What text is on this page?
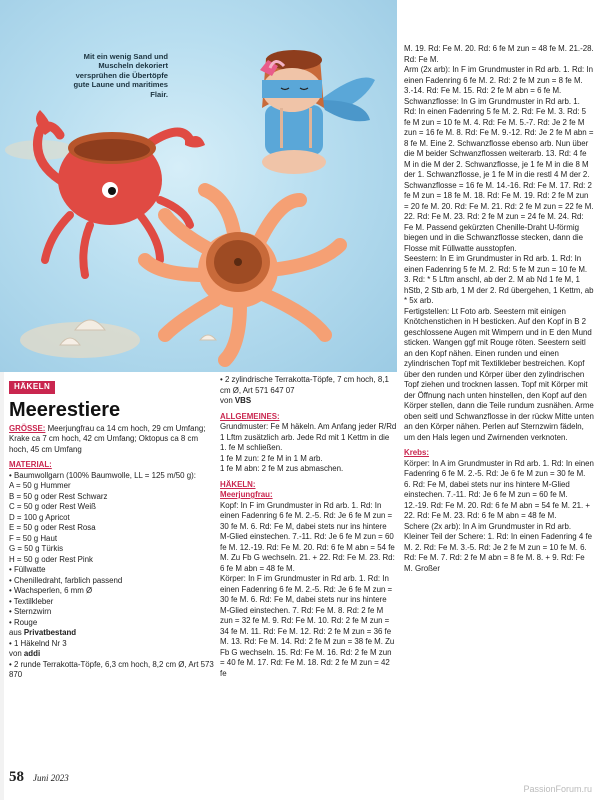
Mit ein wenig Sand und Muscheln dekoriert versprühen die Übertöpfe gute Laune und maritimes Flair.
HÄKELN
Meerestiere

GRÖSSE: Meerjungfrau ca 14 cm hoch, 29 cm Umfang; Krake ca 7 cm hoch, 42 cm Umfang; Oktopus ca 8 cm hoch, 45 cm Umfang

MATERIAL:

• Baumwollgarn (100% Baumwolle, LL = 125 m/50 g):

A = 50 g Hummer

B = 50 g oder Rest Schwarz

C = 50 g oder Rest Weiß

D = 100 g Apricot

E = 50 g oder Rest Rosa

F = 50 g Haut

G = 50 g Türkis

H = 50 g oder Rest Pink

• Füllwatte

• Chenilledraht, farblich passend

• Wachsperlen, 6 mm Ø

• Textilkleber

• Sternzwirn

• Rouge

aus Privatbestand

• 1 Häkelnd Nr 3

von addi

• 2 runde Terrakotta-Töpfe, 6,3 cm hoch, 8,2 cm Ø, Art 573 870

• 2 zylindrische Terrakotta-Töpfe, 7 cm hoch, 8,1 cm Ø, Art 571 647 07

von VBS

ALLGEMEINES:

Grundmuster: Fe M häkeln. Am Anfang jeder R/Rd 1 Lftm zusätzlich arb. Jede Rd mit 1 Kettm in die 1. fe M schließen.

1 fe M zun: 2 fe M in 1 M arb.

1 fe M abn: 2 fe M zus abmaschen.

HÄKELN:

Meerjungfrau:

Kopf: In F im Grundmuster in Rd arb. 1. Rd: In einen Fadenring 6 fe M. 2.-5. Rd: Je 6 fe M zun = 30 fe M. 6. Rd: Fe M, dabei stets nur ins hintere M-Glied einstechen. 7.-11. Rd: Je 6 fe M zun = 60 fe M. 12.-19. Rd: Fe M. 20. Rd: 6 fe M abn = 54 fe M. Zu Fb G wechseln. 21. + 22. Rd: Fe M. 23. Rd: 6 fe M abn = 48 fe M.

Körper: In F im Grundmuster in Rd arb. 1. Rd: In einen Fadenring 6 fe M. 2.-5. Rd: Je 6 fe M zun = 30 fe M. 6. Rd: Fe M, dabei stets nur ins hintere M-Glied einstechen. 7. Rd: Fe M. 8. Rd: 2 fe M zun = 32 fe M. 9. Rd: Fe M. 10. Rd: 2 fe M zun = 34 fe M. 11. Rd: Fe M. 12. Rd: 2 fe M zun = 36 fe M. 13. Rd: Fe M. 14. Rd: 2 fe M zun = 38 fe M. Zu Fb G wechseln. 15. Rd: Fe M. 16. Rd: 2 fe M zun = 40 fe M. 17. Rd: Fe M. 18. Rd: 2 fe M zun = 42 fe

M. 19. Rd: Fe M. 20. Rd: 6 fe M zun = 48 fe M. 21.-28. Rd: Fe M.

Arm (2x arb): In F im Grundmuster in Rd arb. 1. Rd: In einen Fadenring 6 fe M. 2. Rd: 2 fe M zun = 8 fe M. 3.-14. Rd: Fe M. 15. Rd: 2 fe M abn = 6 fe M.

Schwanzflosse: In G im Grundmuster in Rd arb. 1. Rd: In einen Fadenring 5 fe M. 2. Rd: Fe M. 3. Rd: 5 fe M zun = 10 fe M. 4. Rd: Fe M. 5.-7. Rd: Je 2 fe M zun = 16 fe M. 8. Rd: Fe M. 9.-12. Rd: Je 2 fe M abn = 8 fe M. Eine 2. Schwanzflosse ebenso arb. Nun über die M beider Schwanzflossen weiterarb. 13. Rd: 4 fe M in die M der 2. Schwanzflosse, je 1 fe M in die 8 M der 1. Schwanzflosse, je 1 fe M in die restl 4 M der 2. Schwanzflosse = 16 fe M. 14.-16. Rd: Fe M. 17. Rd: 2 fe M zun = 18 fe M. 18. Rd: Fe M. 19. Rd: 2 fe M zun = 20 fe M. 20. Rd: Fe M. 21. Rd: 2 fe M zun = 22 fe M. 22. Rd: Fe M. 23. Rd: 2 fe M zun = 24 fe M. 24. Rd: Fe M. Passend gekürzten Chenille-Draht U-förmig biegen und in die Schwanzflosse stecken, dann die Flosse mit Füllwatte ausstopfen.

Seestern: In E im Grundmuster in Rd arb. 1. Rd: In einen Fadenring 5 fe M. 2. Rd: 5 fe M zun = 10 fe M. 3. Rd: * 5 Lftm anschl, ab der 2. M ab Nd 1 fe M, 1 hStb, 2 Stb arb, 1 M der 2. Rd übergehen, 1 Kettm, ab * 5x arb.

Fertigstellen: Lt Foto arb. Seestern mit einigen Knötchenstichen in H besticken. Auf den Kopf in B 2 geschlossene Augen mit Wimpern und in E den Mund sticken. Wangen ggf mit Rouge röten. Seestern seitl an den Kopf nähen. Einen runden und einen zylindrischen Topf mit Textilkleber bestreichen. Kopf über den runden und Körper über den zylindrischen Topf ziehen und trocknen lassen. Topf mit Körper mit der Öffnung nach unten hinstellen, den Kopf auf den Körper stellen, dann die Teile rundum zusnähen. Arme oben seitl und Schwanzflosse in der rückw Mitte unten an den Körper nähen. Perlen auf Sternzwirn fädeln, um den Hals legen und Zwirnenden verknoten.

Krebs:

Körper: In A im Grundmuster in Rd arb. 1. Rd: In einen Fadenring 6 fe M. 2.-5. Rd: Je 6 fe M zun = 30 fe M. 6. Rd: Fe M, dabei stets nur ins hintere M-Glied einstechen. 7.-11. Rd: Je 6 fe M zun = 60 fe M. 12.-19. Rd: Fe M. 20. Rd: 6 fe M abn = 54 fe M. 21. + 22. Rd: Fe M. 23. Rd: 6 fe M abn = 48 fe M.

Schere (2x arb): In A im Grundmuster in Rd arb. Kleiner Teil der Schere: 1. Rd: In einen Fadenring 4 fe M. 2. Rd: Fe M. 3.-5. Rd: Je 2 fe M zun = 10 fe M. 6. Rd: Fe M. 7. Rd: 2 fe M abn = 8 fe M. 8. + 9. Rd: Fe M. Großer

58 Juni 2023
PassionForum.ru
